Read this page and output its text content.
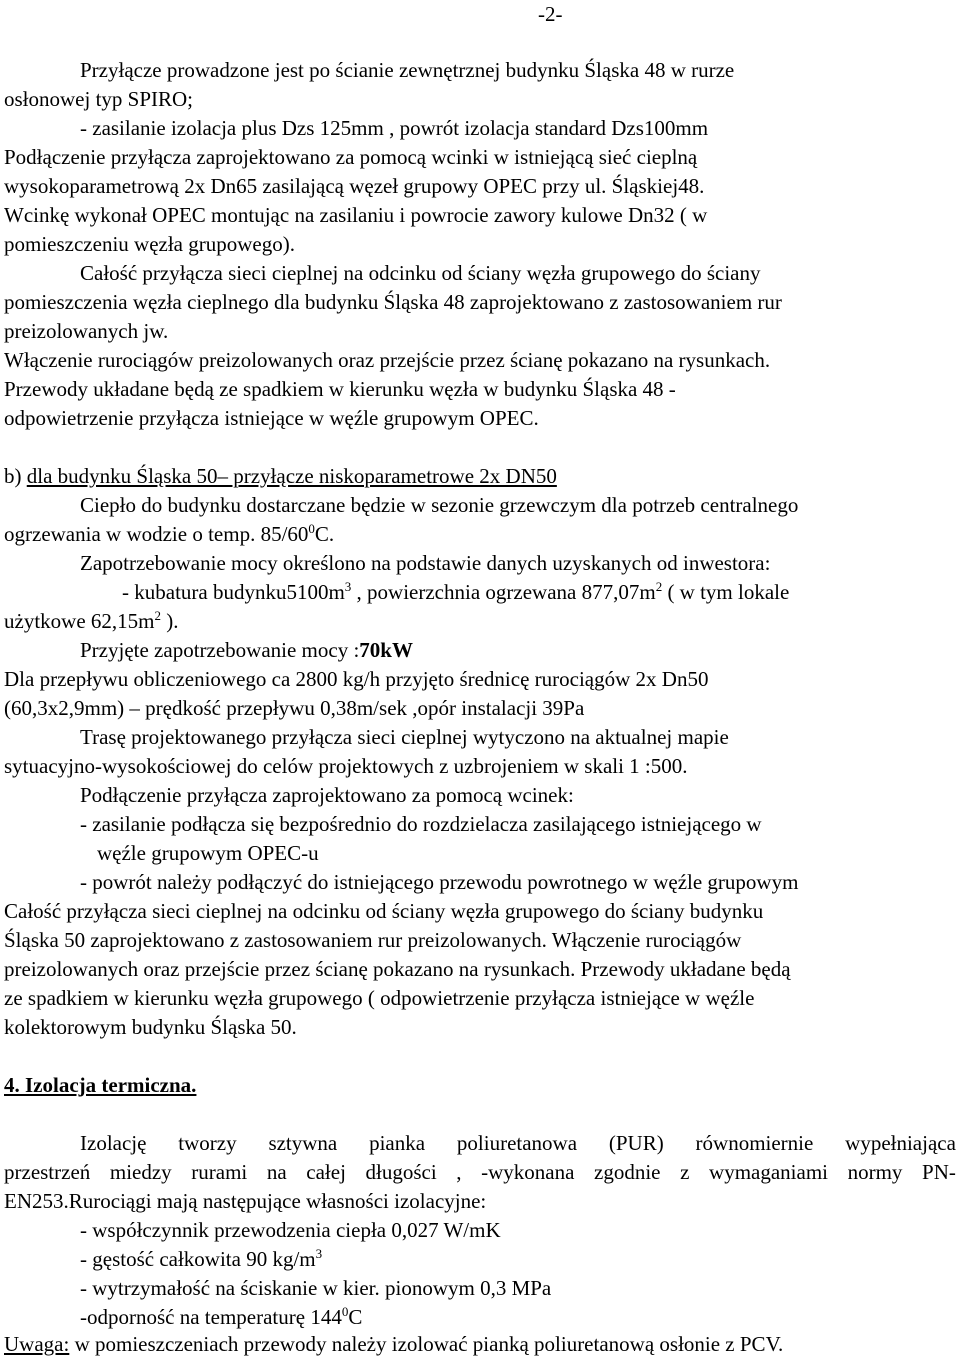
-2-
Przyłącze prowadzone jest po ścianie zewnętrznej budynku Śląska 48 w rurze
osłonowej typ SPIRO;
- zasilanie izolacja plus Dzs 125mm , powrót izolacja standard Dzs100mm
Podłączenie przyłącza zaprojektowano za pomocą wcinki w istniejącą sieć cieplną
wysokoparametrową 2x Dn65 zasilającą węzeł grupowy OPEC przy ul. Śląskiej48.
Wcinkę wykonał OPEC montując na zasilaniu i powrocie zawory kulowe Dn32 ( w
pomieszczeniu węzła grupowego).
Całość przyłącza sieci cieplnej na odcinku od ściany węzła grupowego do ściany
pomieszczenia węzła cieplnego dla budynku Śląska 48 zaprojektowano z zastosowaniem rur
preizolowanych jw.
Włączenie rurociągów preizolowanych oraz przejście przez ścianę pokazano na rysunkach.
Przewody układane będą ze spadkiem w kierunku węzła w budynku Śląska 48 -
odpowietrzenie przyłącza istniejące w węźle grupowym OPEC.
b) dla budynku Śląska 50– przyłącze niskoparametrowe 2x DN50
Ciepło do budynku dostarczane będzie w sezonie grzewczym dla potrzeb centralnego
ogrzewania w wodzie o temp. $85/60^0C$.
Zapotrzebowanie mocy określono na podstawie danych uzyskanych od inwestora:
- kubatura $budynku5100m^3$ , powierzchnia ogrzewana $877,07m^2$ ( w tym lokale
użytkowe $62,15m^2$ ).
Przyjęte zapotrzebowanie mocy :70kW
Dla przepływu obliczeniowego ca 2800 kg/h przyjęto średnicę rurociągów 2x Dn50
(60,3x2,9mm) – prędkość przepływu 0,38m/sek ,opór instalacji 39Pa
Trasę projektowanego przyłącza sieci cieplnej wytyczono na aktualnej mapie
sytuacyjno-wysokościowej do celów projektowych z uzbrojeniem w skali 1 :500.
Podłączenie przyłącza zaprojektowano za pomocą wcinek:
- zasilanie podłącza się bezpośrednio do rozdzielacza zasilającego istniejącego w
węźle grupowym OPEC-u
- powrót należy podłączyć do istniejącego przewodu powrotnego w węźle grupowym
Całość przyłącza sieci cieplnej na odcinku od ściany węzła grupowego do ściany budynku
Śląska 50 zaprojektowano z zastosowaniem rur preizolowanych. Włączenie rurociągów
preizolowanych oraz przejście przez ścianę pokazano na rysunkach. Przewody układane będą
ze spadkiem w kierunku węzła grupowego ( odpowietrzenie przyłącza istniejące w węźle
kolektorowym budynku Śląska 50.
4. Izolacja termiczna.
Izolację tworzy sztywna pianka poliuretanowa (PUR) równomiernie wypełniająca
przestrzeń miedzy rurami na całej długości , -wykonana zgodnie z wymaganiami normy PN-
EN253.Rurociągi mają następujące własności izolacyjne:
- współczynnik przewodzenia ciepła 0,027 W/mK
- gęstość całkowita 90 $kg/m^3$
- wytrzymałość na ściskanie w kier. pionowym 0,3 MPa
-odporność na temperaturę $144^0C$
Uwaga: w pomieszczeniach przewody należy izolować pianką poliuretanową osłonie z PCV.
